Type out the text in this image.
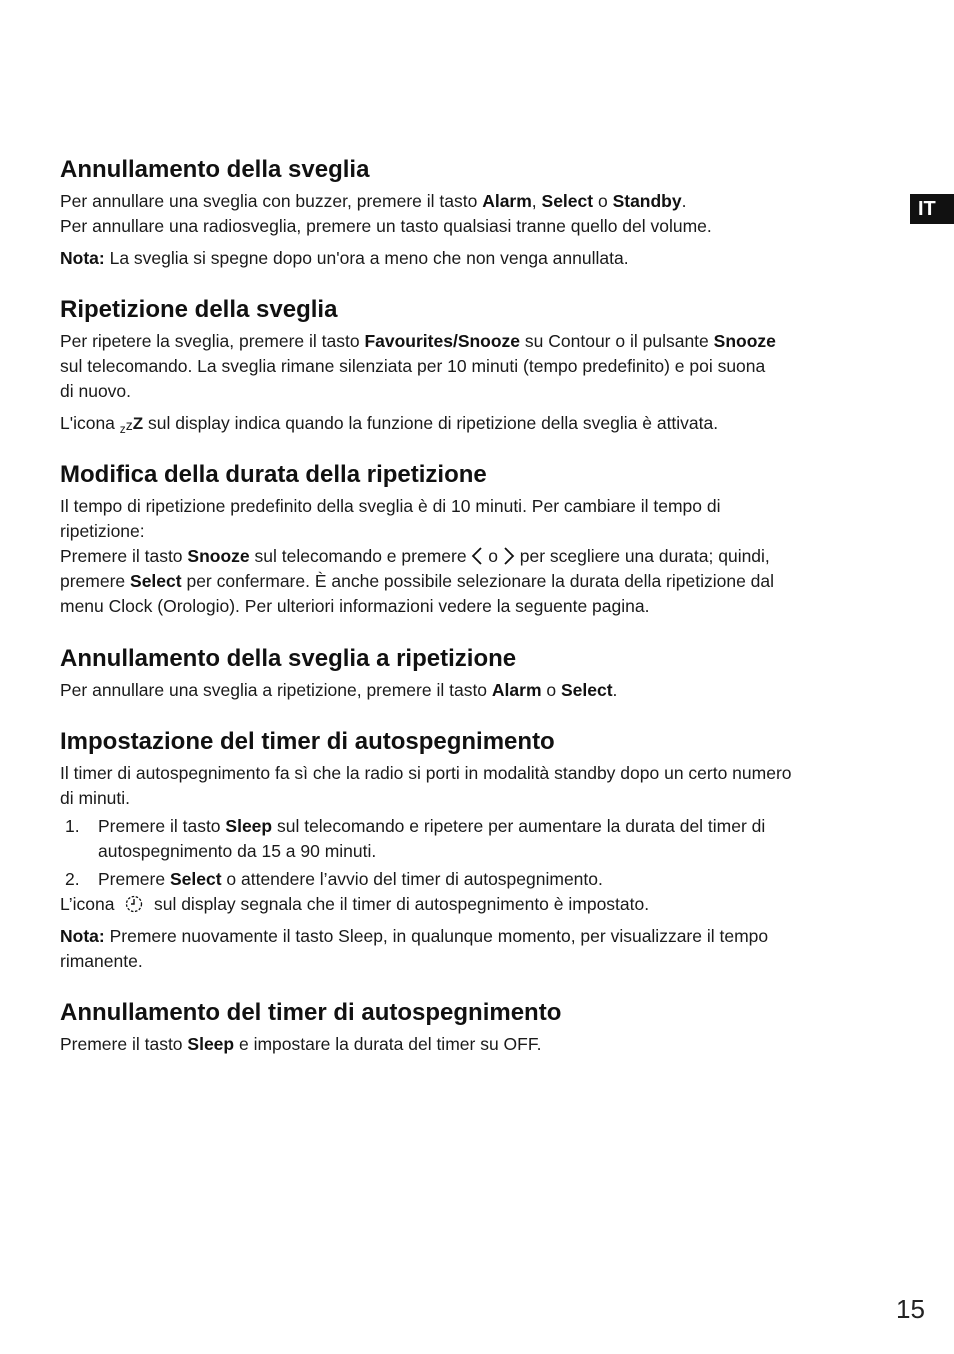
IT
Annullamento della sveglia

Per annullare una sveglia con buzzer, premere il tasto Alarm, Select o Standby.

Per annullare una radiosveglia, premere un tasto qualsiasi tranne quello del volume.

Nota: La sveglia si spegne dopo un'ora a meno che non venga annullata.

Ripetizione della sveglia

Per ripetere la sveglia, premere il tasto Favourites/Snooze su Contour o il pulsante Snooze

sul telecomando. La sveglia rimane silenziata per 10 minuti (tempo predefinito) e poi suona

di nuovo.

L'icona $_z$zZ sul display indica quando la funzione di ripetizione della sveglia è attivata.

Modifica della durata della ripetizione

Il tempo di ripetizione predefinito della sveglia è di 10 minuti. Per cambiare il tempo di

ripetizione:

Premere il tasto Snooze sul telecomando e premere  o  per scegliere una durata; quindi,

premere Select per confermare. È anche possibile selezionare la durata della ripetizione dal

menu Clock (Orologio). Per ulteriori informazioni vedere la seguente pagina.

Annullamento della sveglia a ripetizione

Per annullare una sveglia a ripetizione, premere il tasto Alarm o Select.

Impostazione del timer di autospegnimento

Il timer di autospegnimento fa sì che la radio si porti in modalità standby dopo un certo numero

di minuti.

1. Premere il tasto Sleep sul telecomando e ripetere per aumentare la durata del timer di
autospegnimento da 15 a 90 minuti.
2. Premere Select o attendere l’avvio del timer di autospegnimento.

L’icona    sul display segnala che il timer di autospegnimento è impostato.

Nota: Premere nuovamente il tasto Sleep, in qualunque momento, per visualizzare il tempo

rimanente.

Annullamento del timer di autospegnimento

Premere il tasto Sleep e impostare la durata del timer su OFF.

15
